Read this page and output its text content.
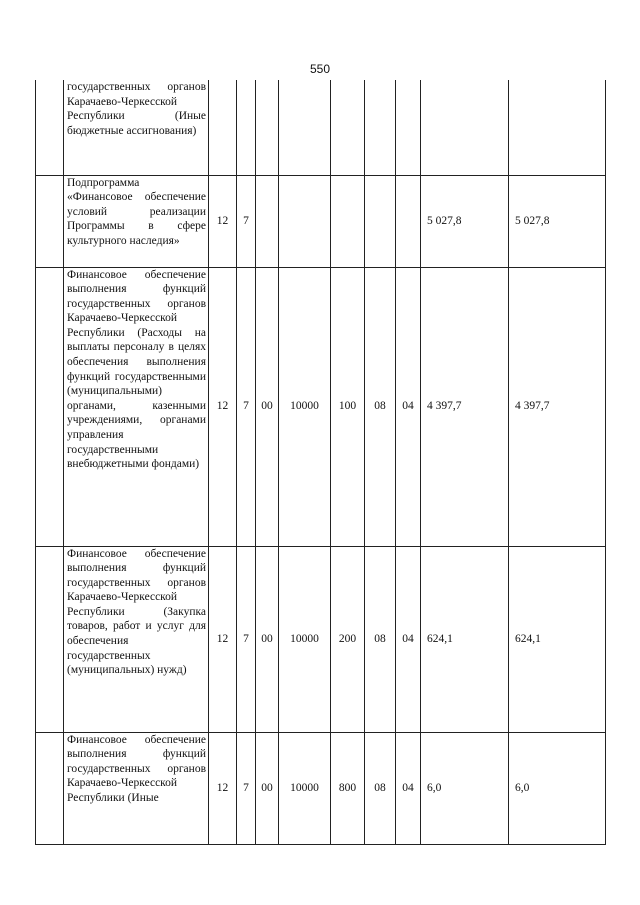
550
	государственных органов Карачаево-Черкесской Республики (Иные бюджетные ассигнования)									
	Подпрограмма «Финансовое обеспечение условий реализации Программы в сфере культурного наследия»	12	7						5 027,8	5 027,8
	Финансовое обеспечение выполнения функций государственных органов Карачаево-Черкесской Республики (Расходы на выплаты персоналу в целях обеспечения выполнения функций государственными (муниципальными) органами, казенными учреждениями, органами управления государственными внебюджетными фондами)	12	7	00	10000	100	08	04	4 397,7	4 397,7
	Финансовое обеспечение выполнения функций государственных органов Карачаево-Черкесской Республики (Закупка товаров, работ и услуг для обеспечения государственных (муниципальных) нужд)	12	7	00	10000	200	08	04	624,1	624,1
	Финансовое обеспечение выполнения функций государственных органов Карачаево-Черкесской Республики (Иные	12	7	00	10000	800	08	04	6,0	6,0
